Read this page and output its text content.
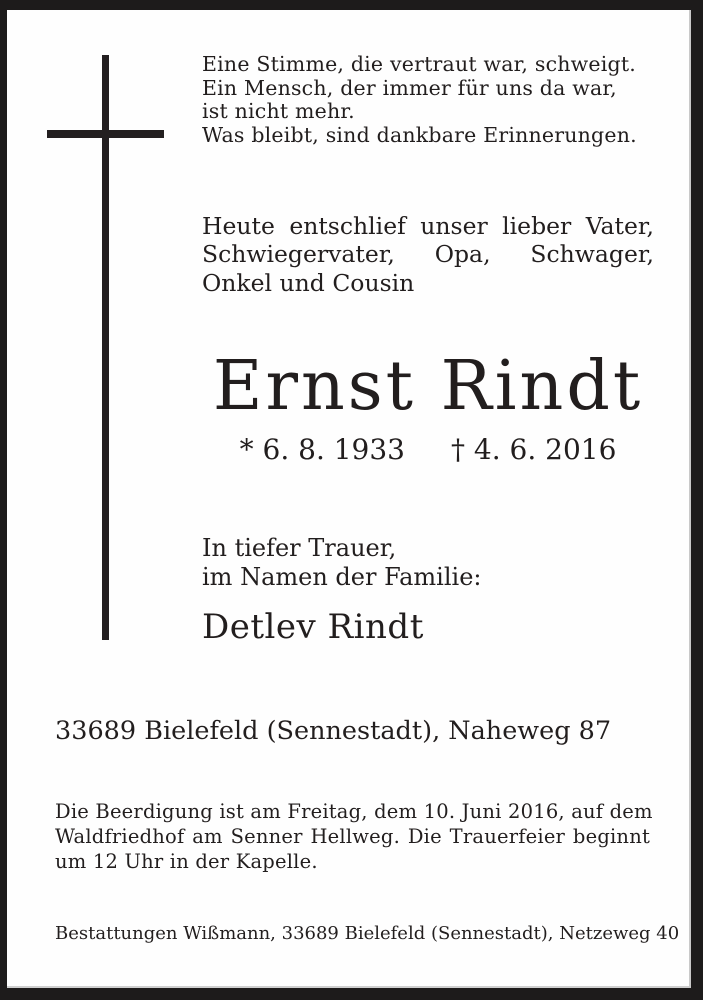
Eine Stimme, die vertraut war, schweigt.
Ein Mensch, der immer für uns da war,
ist nicht mehr.
Was bleibt, sind dankbare Erinnerungen.
Heute entschlief unser lieber Vater,
Schwiegervater, Opa, Schwager,
Onkel und Cousin
Ernst Rindt
* 6. 8. 1933 † 4. 6. 2016
In tiefer Trauer,
im Namen der Familie:
Detlev Rindt
33689 Bielefeld (Sennestadt), Naheweg 87
Die Beerdigung ist am Freitag, dem 10. Juni 2016, auf dem
Waldfriedhof am Senner Hellweg. Die Trauerfeier beginnt
um 12 Uhr in der Kapelle.
Bestattungen Wißmann, 33689 Bielefeld (Sennestadt), Netzeweg 40
